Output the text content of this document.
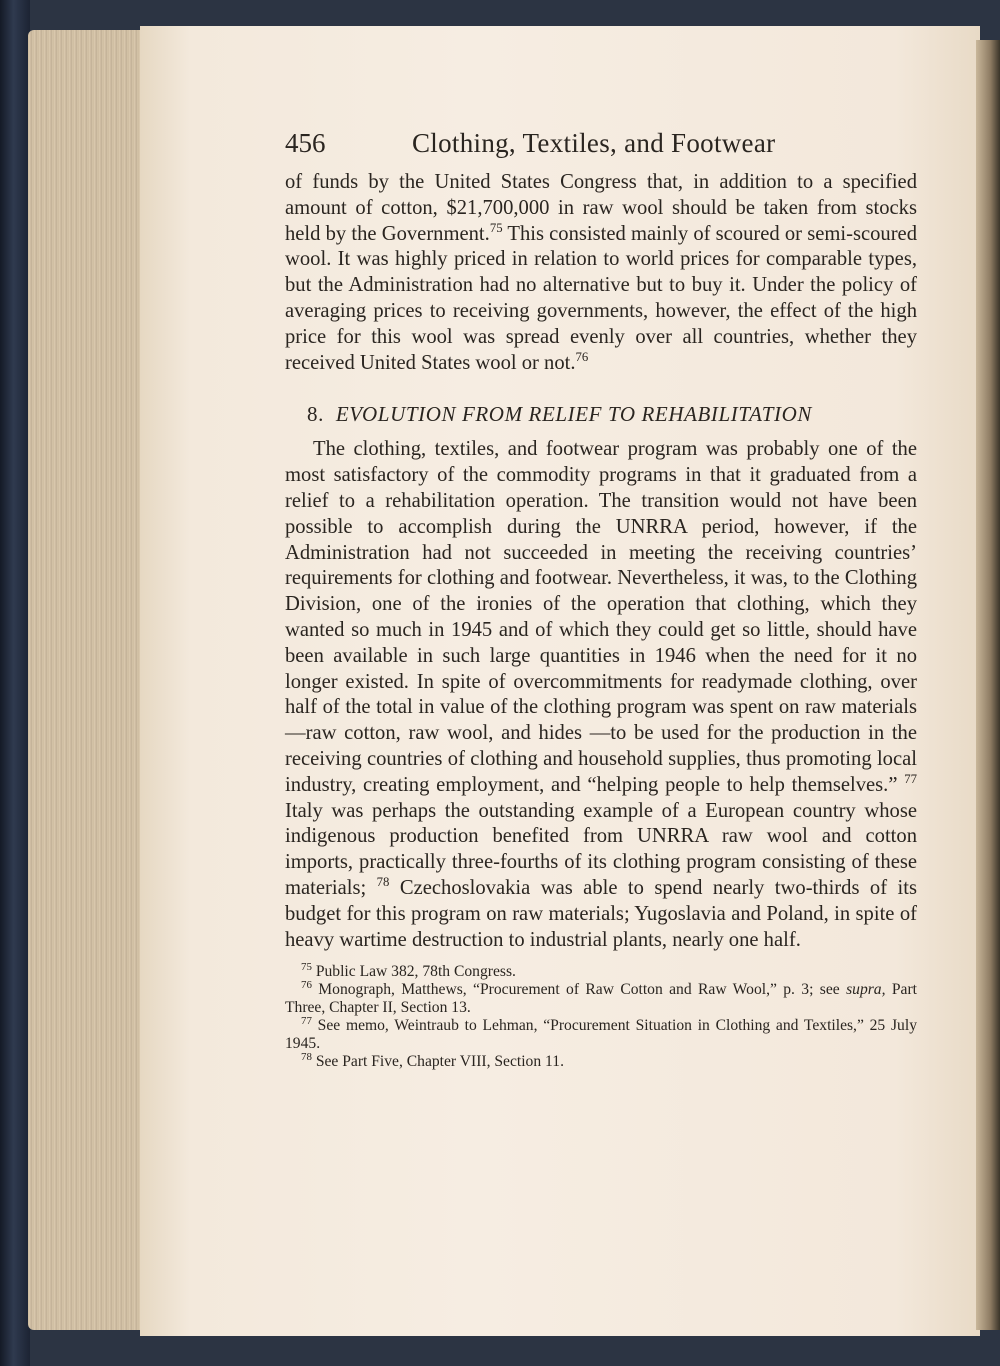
456	Clothing, Textiles, and Footwear

of funds by the United States Congress that, in addition to a specified amount of cotton, $21,700,000 in raw wool should be taken from stocks held by the Government.$^{75}$ This consisted mainly of scoured or semi-scoured wool. It was highly priced in relation to world prices for comparable types, but the Administration had no alternative but to buy it. Under the policy of averaging prices to receiving governments, however, the effect of the high price for this wool was spread evenly over all countries, whether they received United States wool or not.$^{76}$

8. EVOLUTION FROM RELIEF TO REHABILITATION

The clothing, textiles, and footwear program was probably one of the most satisfactory of the commodity programs in that it graduated from a relief to a rehabilitation operation. The transition would not have been possible to accomplish during the UNRRA period, however, if the Administration had not succeeded in meeting the receiving countries’ requirements for clothing and footwear. Nevertheless, it was, to the Clothing Division, one of the ironies of the operation that clothing, which they wanted so much in 1945 and of which they could get so little, should have been available in such large quantities in 1946 when the need for it no longer existed. In spite of overcommitments for readymade clothing, over half of the total in value of the clothing program was spent on raw materials—raw cotton, raw wool, and hides —to be used for the production in the receiving countries of clothing and household supplies, thus promoting local industry, creating employment, and “helping people to help themselves.” $^{77}$ Italy was perhaps the outstanding example of a European country whose indigenous production benefited from UNRRA raw wool and cotton imports, practically three-fourths of its clothing program consisting of these materials; $^{78}$ Czechoslovakia was able to spend nearly two-thirds of its budget for this program on raw materials; Yugoslavia and Poland, in spite of heavy wartime destruction to industrial plants, nearly one half.

$^{75}$ Public Law 382, 78th Congress.

$^{76}$ Monograph, Matthews, “Procurement of Raw Cotton and Raw Wool,” p. 3; see supra, Part Three, Chapter II, Section 13.

$^{77}$ See memo, Weintraub to Lehman, “Procurement Situation in Clothing and Textiles,” 25 July 1945.

$^{78}$ See Part Five, Chapter VIII, Section 11.
